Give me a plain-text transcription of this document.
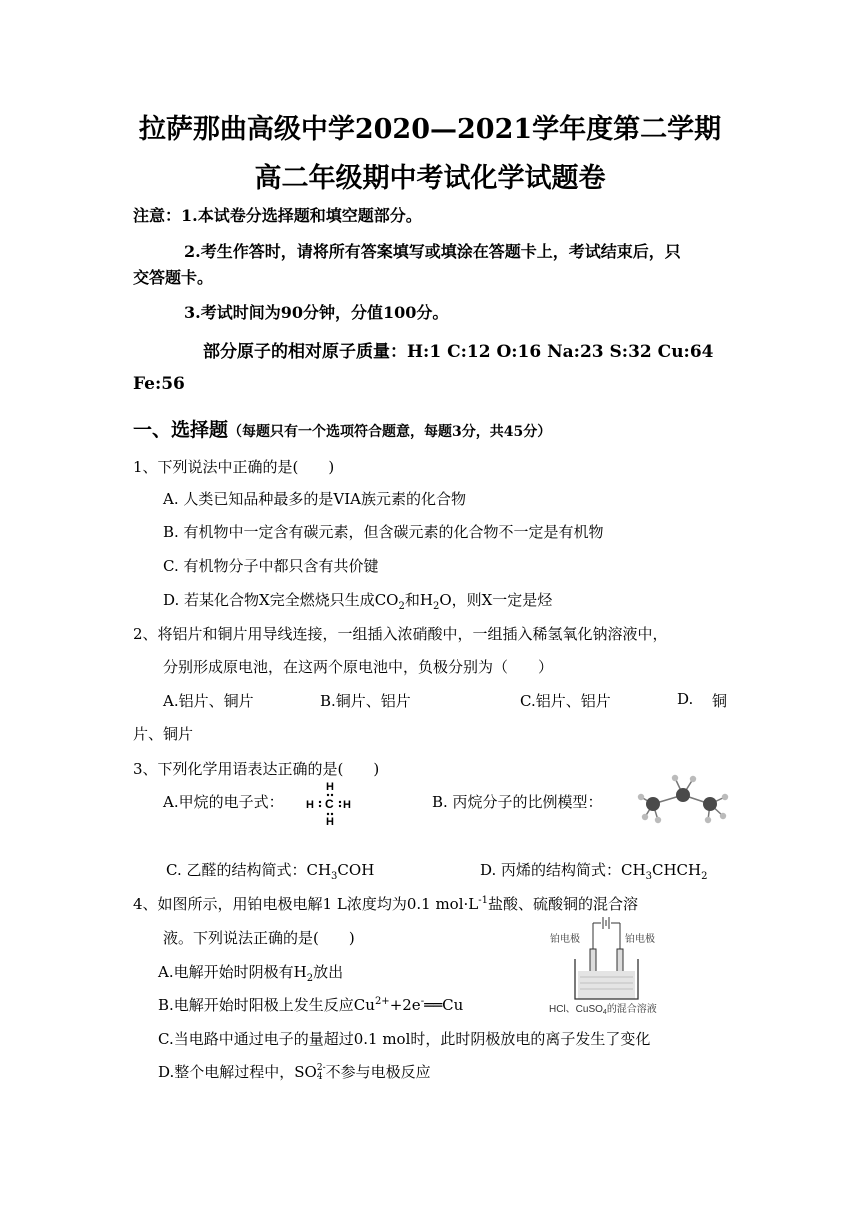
拉萨那曲高级中学2020—2021学年度第二学期
高二年级期中考试化学试题卷
注意：1.本试卷分选择题和填空题部分。
2.考生作答时，请将所有答案填写或填涂在答题卡上，考试结束后，只
交答题卡。
3.考试时间为90分钟，分值100分。
部分原子的相对原子质量：H:1 C:12 O:16 Na:23 S:32 Cu:64
Fe:56
一、选择题（每题只有一个选项符合题意，每题3分，共45分）
1、下列说法中正确的是(　　)
A. 人类已知品种最多的是VIA族元素的化合物
B. 有机物中一定含有碳元素，但含碳元素的化合物不一定是有机物
C. 有机物分子中都只含有共价键
D. 若某化合物X完全燃烧只生成$CO_2$和$H_2O$，则X一定是烃
2、将铝片和铜片用导线连接，一组插入浓硝酸中，一组插入稀氢氧化钠溶液中，
分别形成原电池，在这两个原电池中，负极分别为（　　）
A.铝片、铜片	B.铜片、铝片	C.铝片、铝片	D. 铜
片、铜片
3、下列化学用语表达正确的是(　　)
A.甲烷的电子式：
H
H C H
H
B. 丙烷分子的比例模型：
C. 乙醛的结构简式：$CH_3COH$	D. 丙烯的结构简式：$CH_3CHCH_2$
4、如图所示，用铂电极电解1 L浓度均为0.1 $mol\cdot L^{-1}$盐酸、硫酸铜的混合溶
液。下列说法正确的是(　　)	铂电极	铂电极
HCl、CuSO$_4$的混合溶液
A.电解开始时阴极有$H_2$放出
B.电解开始时阳极上发生反应$Cu^{2+}+2e^-══Cu$
C.当电路中通过电子的量超过0.1 mol时，此时阴极放电的离子发生了变化
D.整个电解过程中，SO 2-
4 不参与电极反应
